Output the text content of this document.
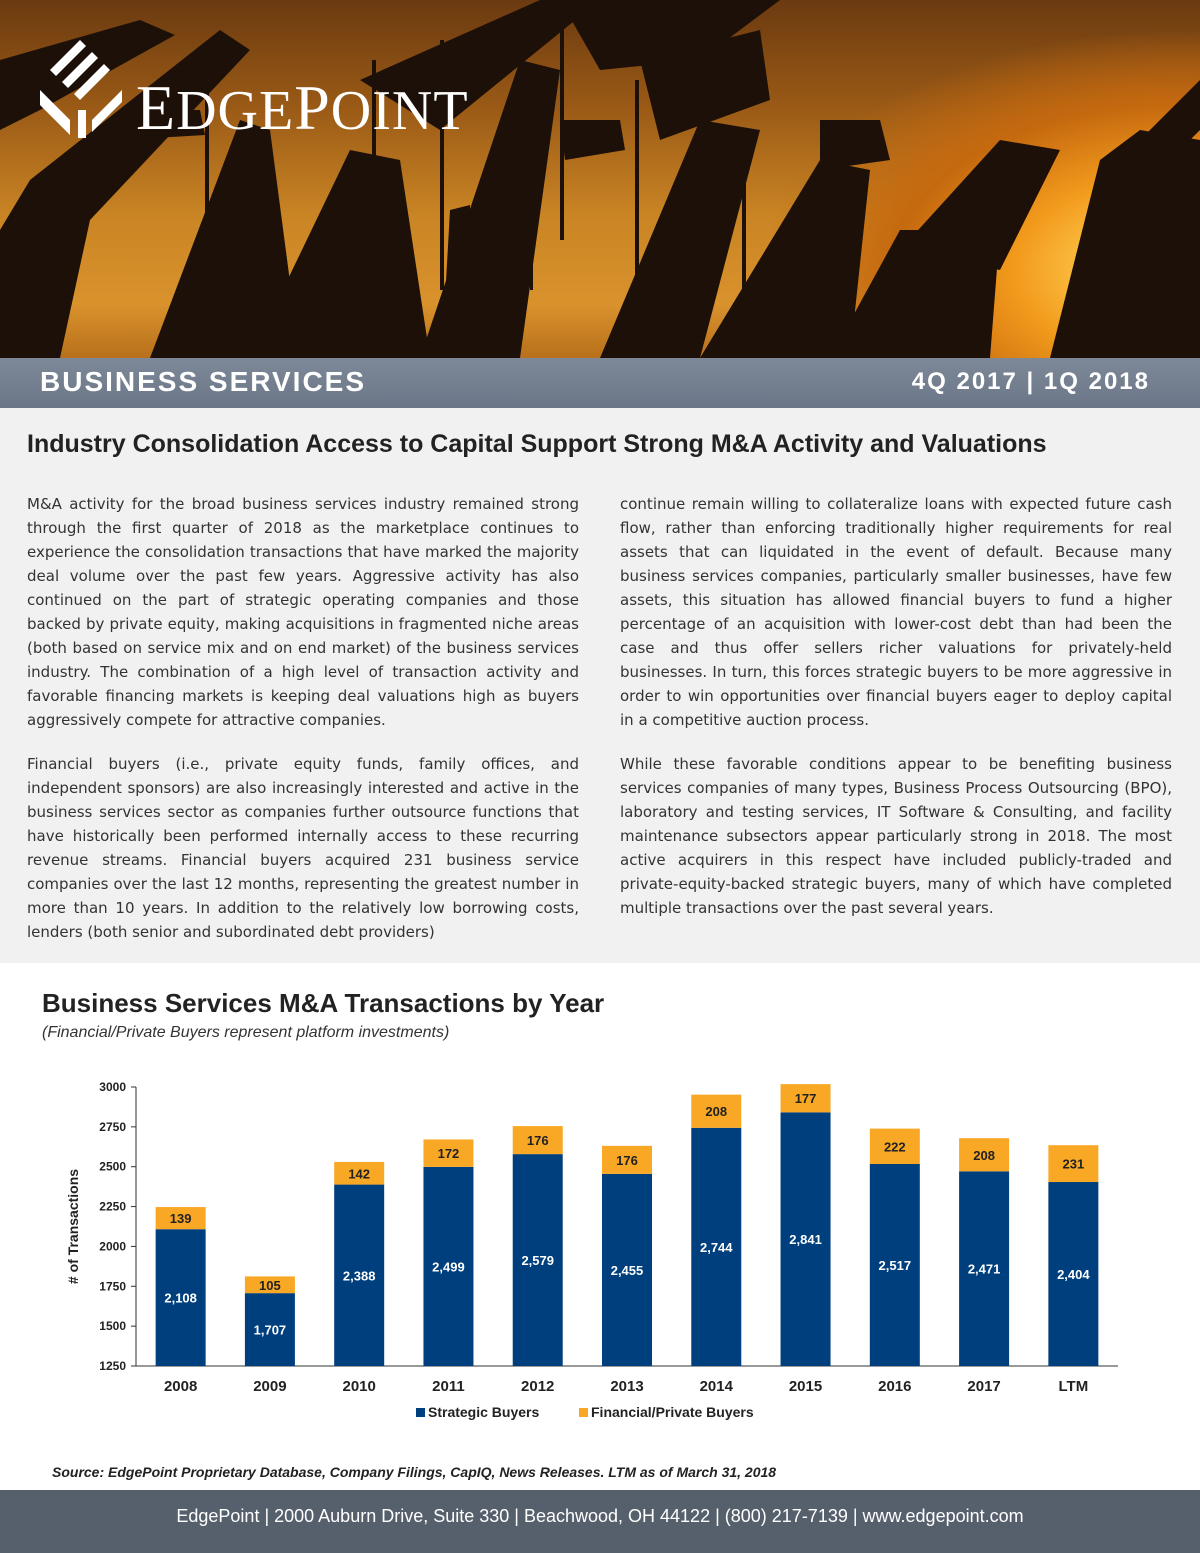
EDGEPOINT
BUSINESS SERVICES	4Q 2017 | 1Q 2018
Industry Consolidation Access to Capital Support Strong M&A Activity and Valuations

M&A activity for the broad business services industry remained strong through the first quarter of 2018 as the marketplace continues to experience the consolidation transactions that have marked the majority deal volume over the past few years. Aggressive activity has also continued on the part of strategic operating companies and those backed by private equity, making acquisitions in fragmented niche areas (both based on service mix and on end market) of the business services industry. The combination of a high level of transaction activity and favorable financing markets is keeping deal valuations high as buyers aggressively compete for attractive companies.

Financial buyers (i.e., private equity funds, family offices, and independent sponsors) are also increasingly interested and active in the business services sector as companies further outsource functions that have historically been performed internally access to these recurring revenue streams. Financial buyers acquired 231 business service companies over the last 12 months, representing the greatest number in more than 10 years. In addition to the relatively low borrowing costs, lenders (both senior and subordinated debt providers)

continue remain willing to collateralize loans with expected future cash flow, rather than enforcing traditionally higher requirements for real assets that can liquidated in the event of default. Because many business services companies, particularly smaller businesses, have few assets, this situation has allowed financial buyers to fund a higher percentage of an acquisition with lower-cost debt than had been the case and thus offer sellers richer valuations for privately-held businesses. In turn, this forces strategic buyers to be more aggressive in order to win opportunities over financial buyers eager to deploy capital in a competitive auction process.

While these favorable conditions appear to be benefiting business services companies of many types, Business Process Outsourcing (BPO), laboratory and testing services, IT Software & Consulting, and facility maintenance subsectors appear particularly strong in 2018. The most active acquirers in this respect have included publicly-traded and private-equity-backed strategic buyers, many of which have completed multiple transactions over the past several years.

Business Services M&A Transactions by Year
(Financial/Private Buyers represent platform investments)
1250
1500
1750
2000
2250
2500
2750
3000
# of Transactions
2,108
139
2008
1,707
105
2009
2,388
142
2010
2,499
172
2011
2,579
176
2012
2,455
176
2013
2,744
208
2014
2,841
177
2015
2,517
222
2016
2,471
208
2017
2,404
231
LTM
Strategic Buyers	Financial/Private Buyers
Source: EdgePoint Proprietary Database, Company Filings, CapIQ, News Releases. LTM as of March 31, 2018
EdgePoint | 2000 Auburn Drive, Suite 330 | Beachwood, OH 44122 | (800) 217-7139 | www.edgepoint.com
